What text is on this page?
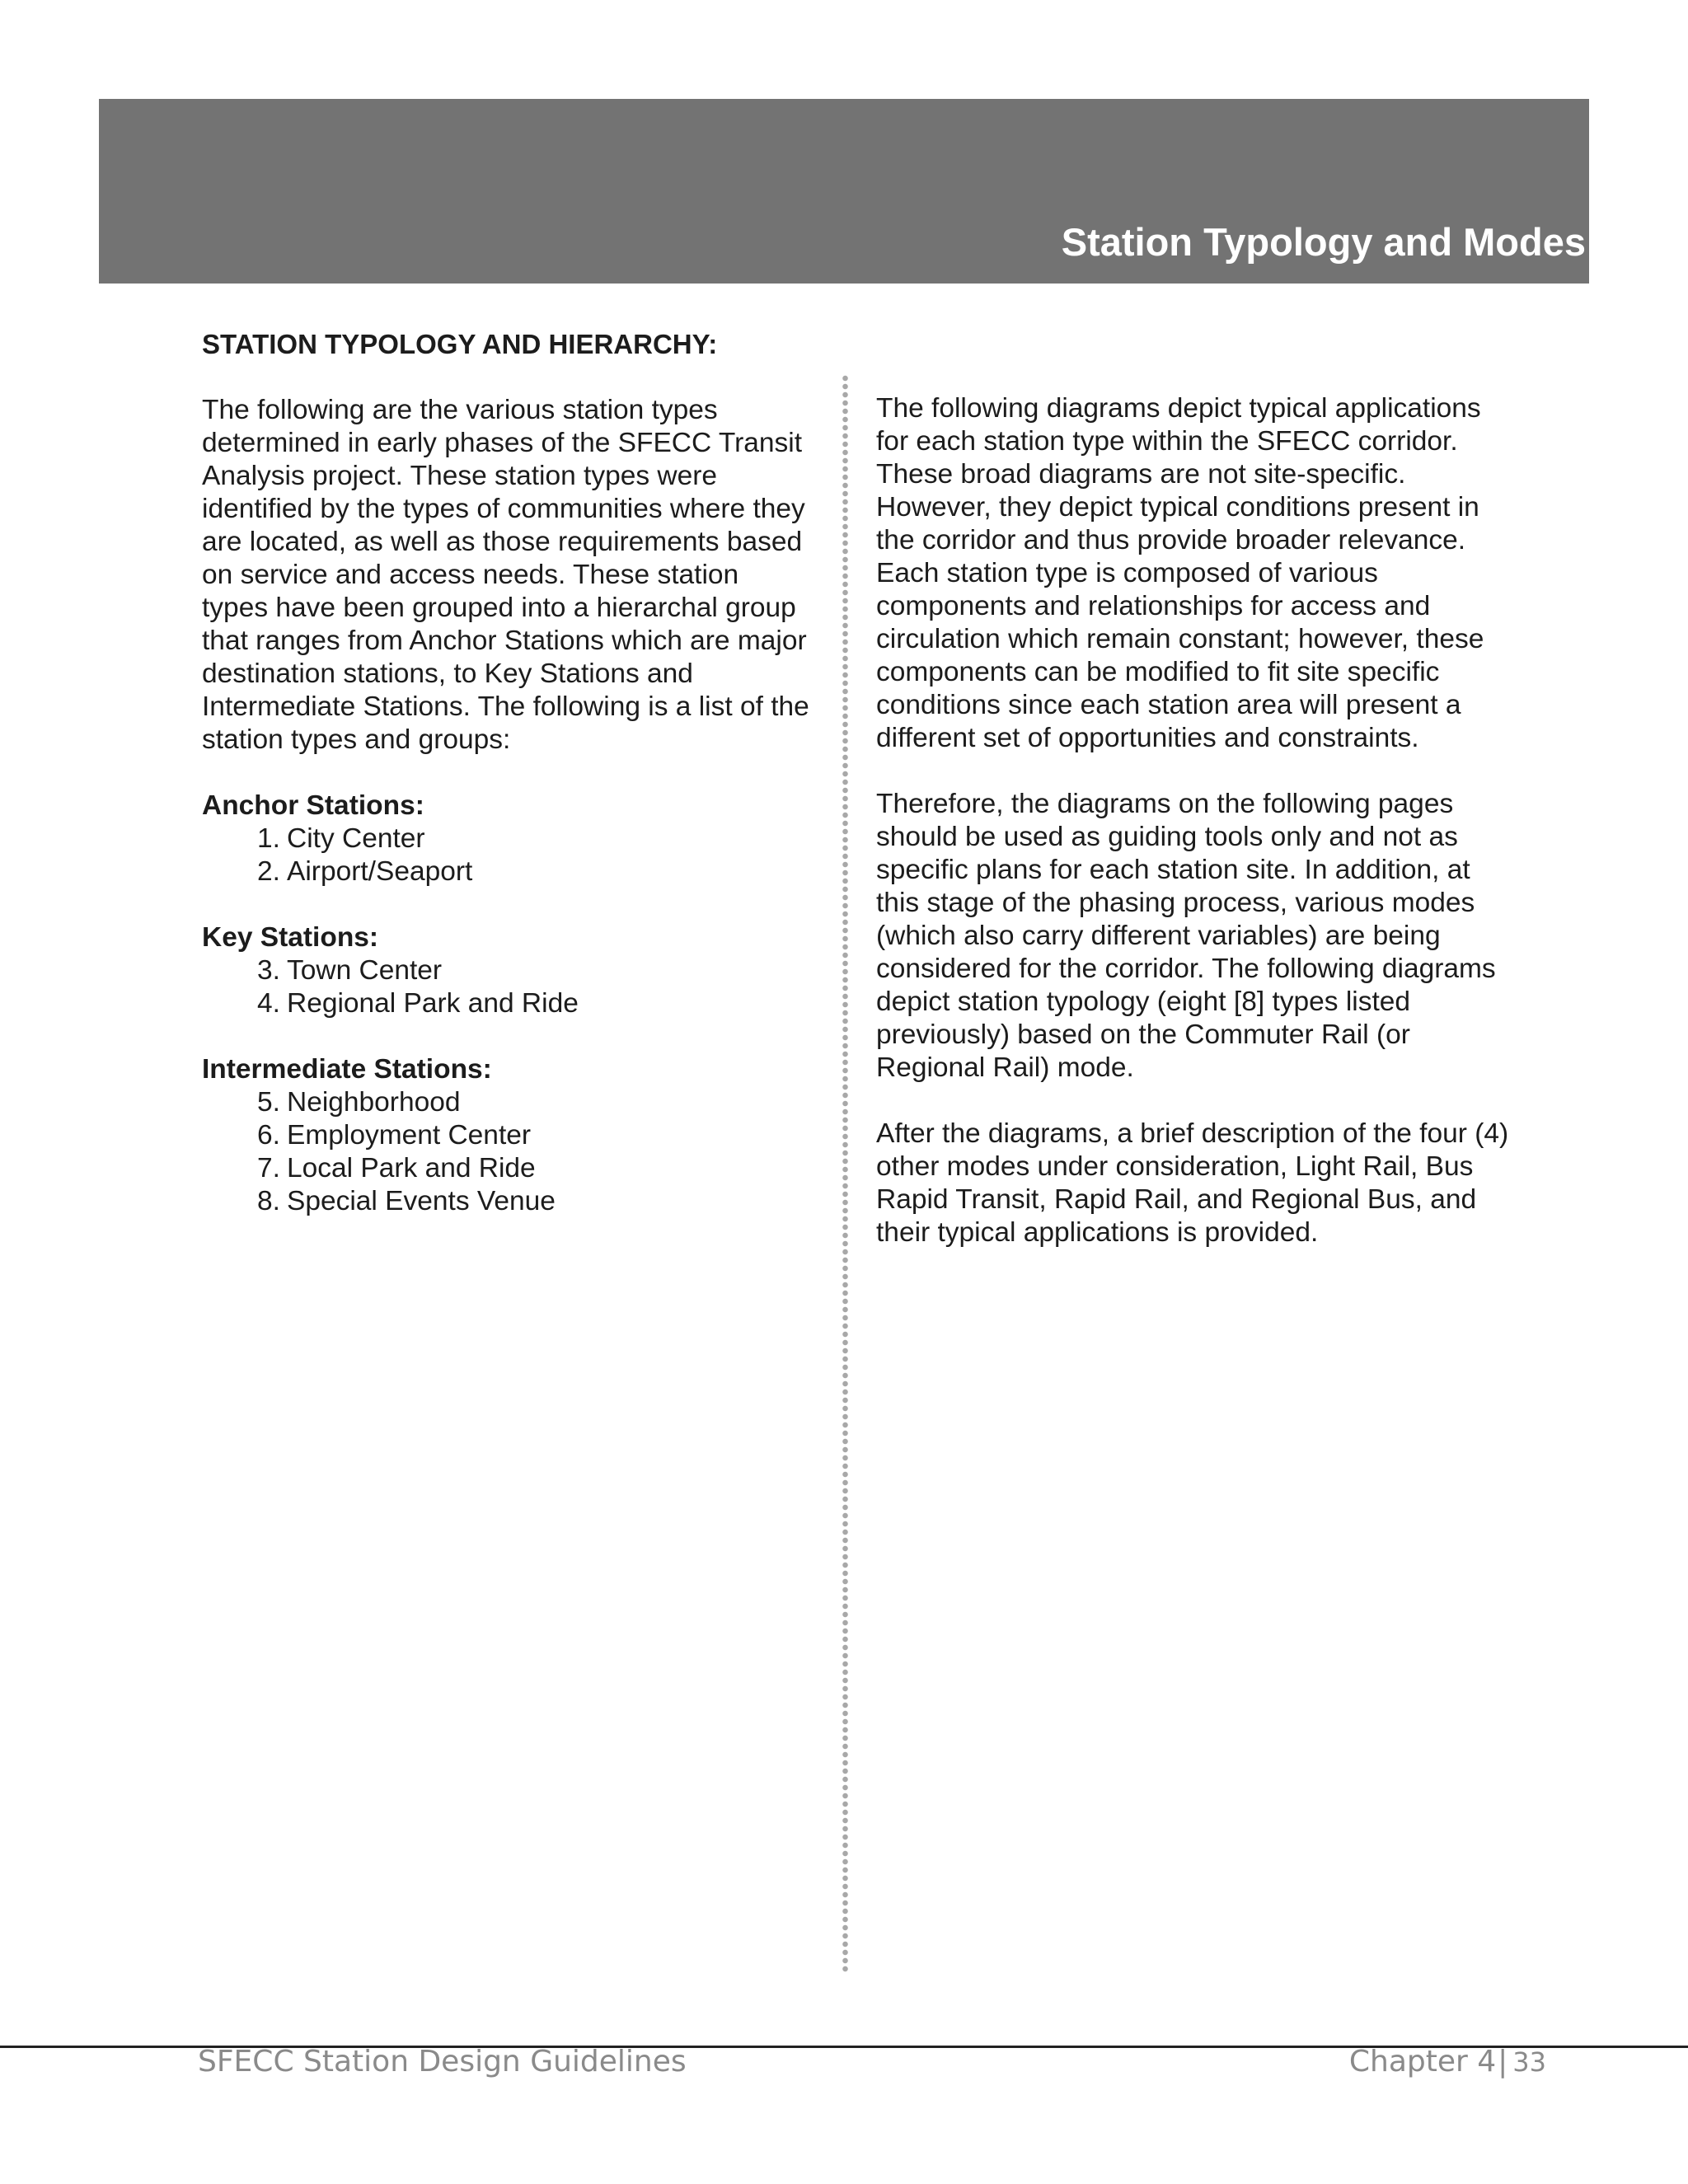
Station Typology and Modes
STATION TYPOLOGY AND HIERARCHY:

The following are the various station types determined in early phases of the SFECC Transit Analysis project. These station types were identified by the types of communities where they are located, as well as those requirements based on service and access needs. These station types have been grouped into a hierarchal group that ranges from Anchor Stations which are major destination stations, to Key Stations and Intermediate Stations. The following is a list of the station types and groups:

Anchor Stations:
1. City Center
2. Airport/Seaport
Key Stations:
3. Town Center
4. Regional Park and Ride
Intermediate Stations:
5. Neighborhood
6. Employment Center
7. Local Park and Ride
8. Special Events Venue

The following diagrams depict typical applications for each station type within the SFECC corridor. These broad diagrams are not site-specific. However, they depict typical conditions present in the corridor and thus provide broader relevance. Each station type is composed of various components and relationships for access and circulation which remain constant; however, these components can be modified to fit site specific conditions since each station area will present a different set of opportunities and constraints.

Therefore, the diagrams on the following pages should be used as guiding tools only and not as specific plans for each station site. In addition, at this stage of the phasing process, various modes (which also carry different variables) are being considered for the corridor. The following diagrams depict station typology (eight [8] types listed previously) based on the Commuter Rail (or Regional Rail) mode.

After the diagrams, a brief description of the four (4) other modes under consideration, Light Rail, Bus Rapid Transit, Rapid Rail, and Regional Bus, and their typical applications is provided.

SFECC Station Design Guidelines	Chapter 4| 33
